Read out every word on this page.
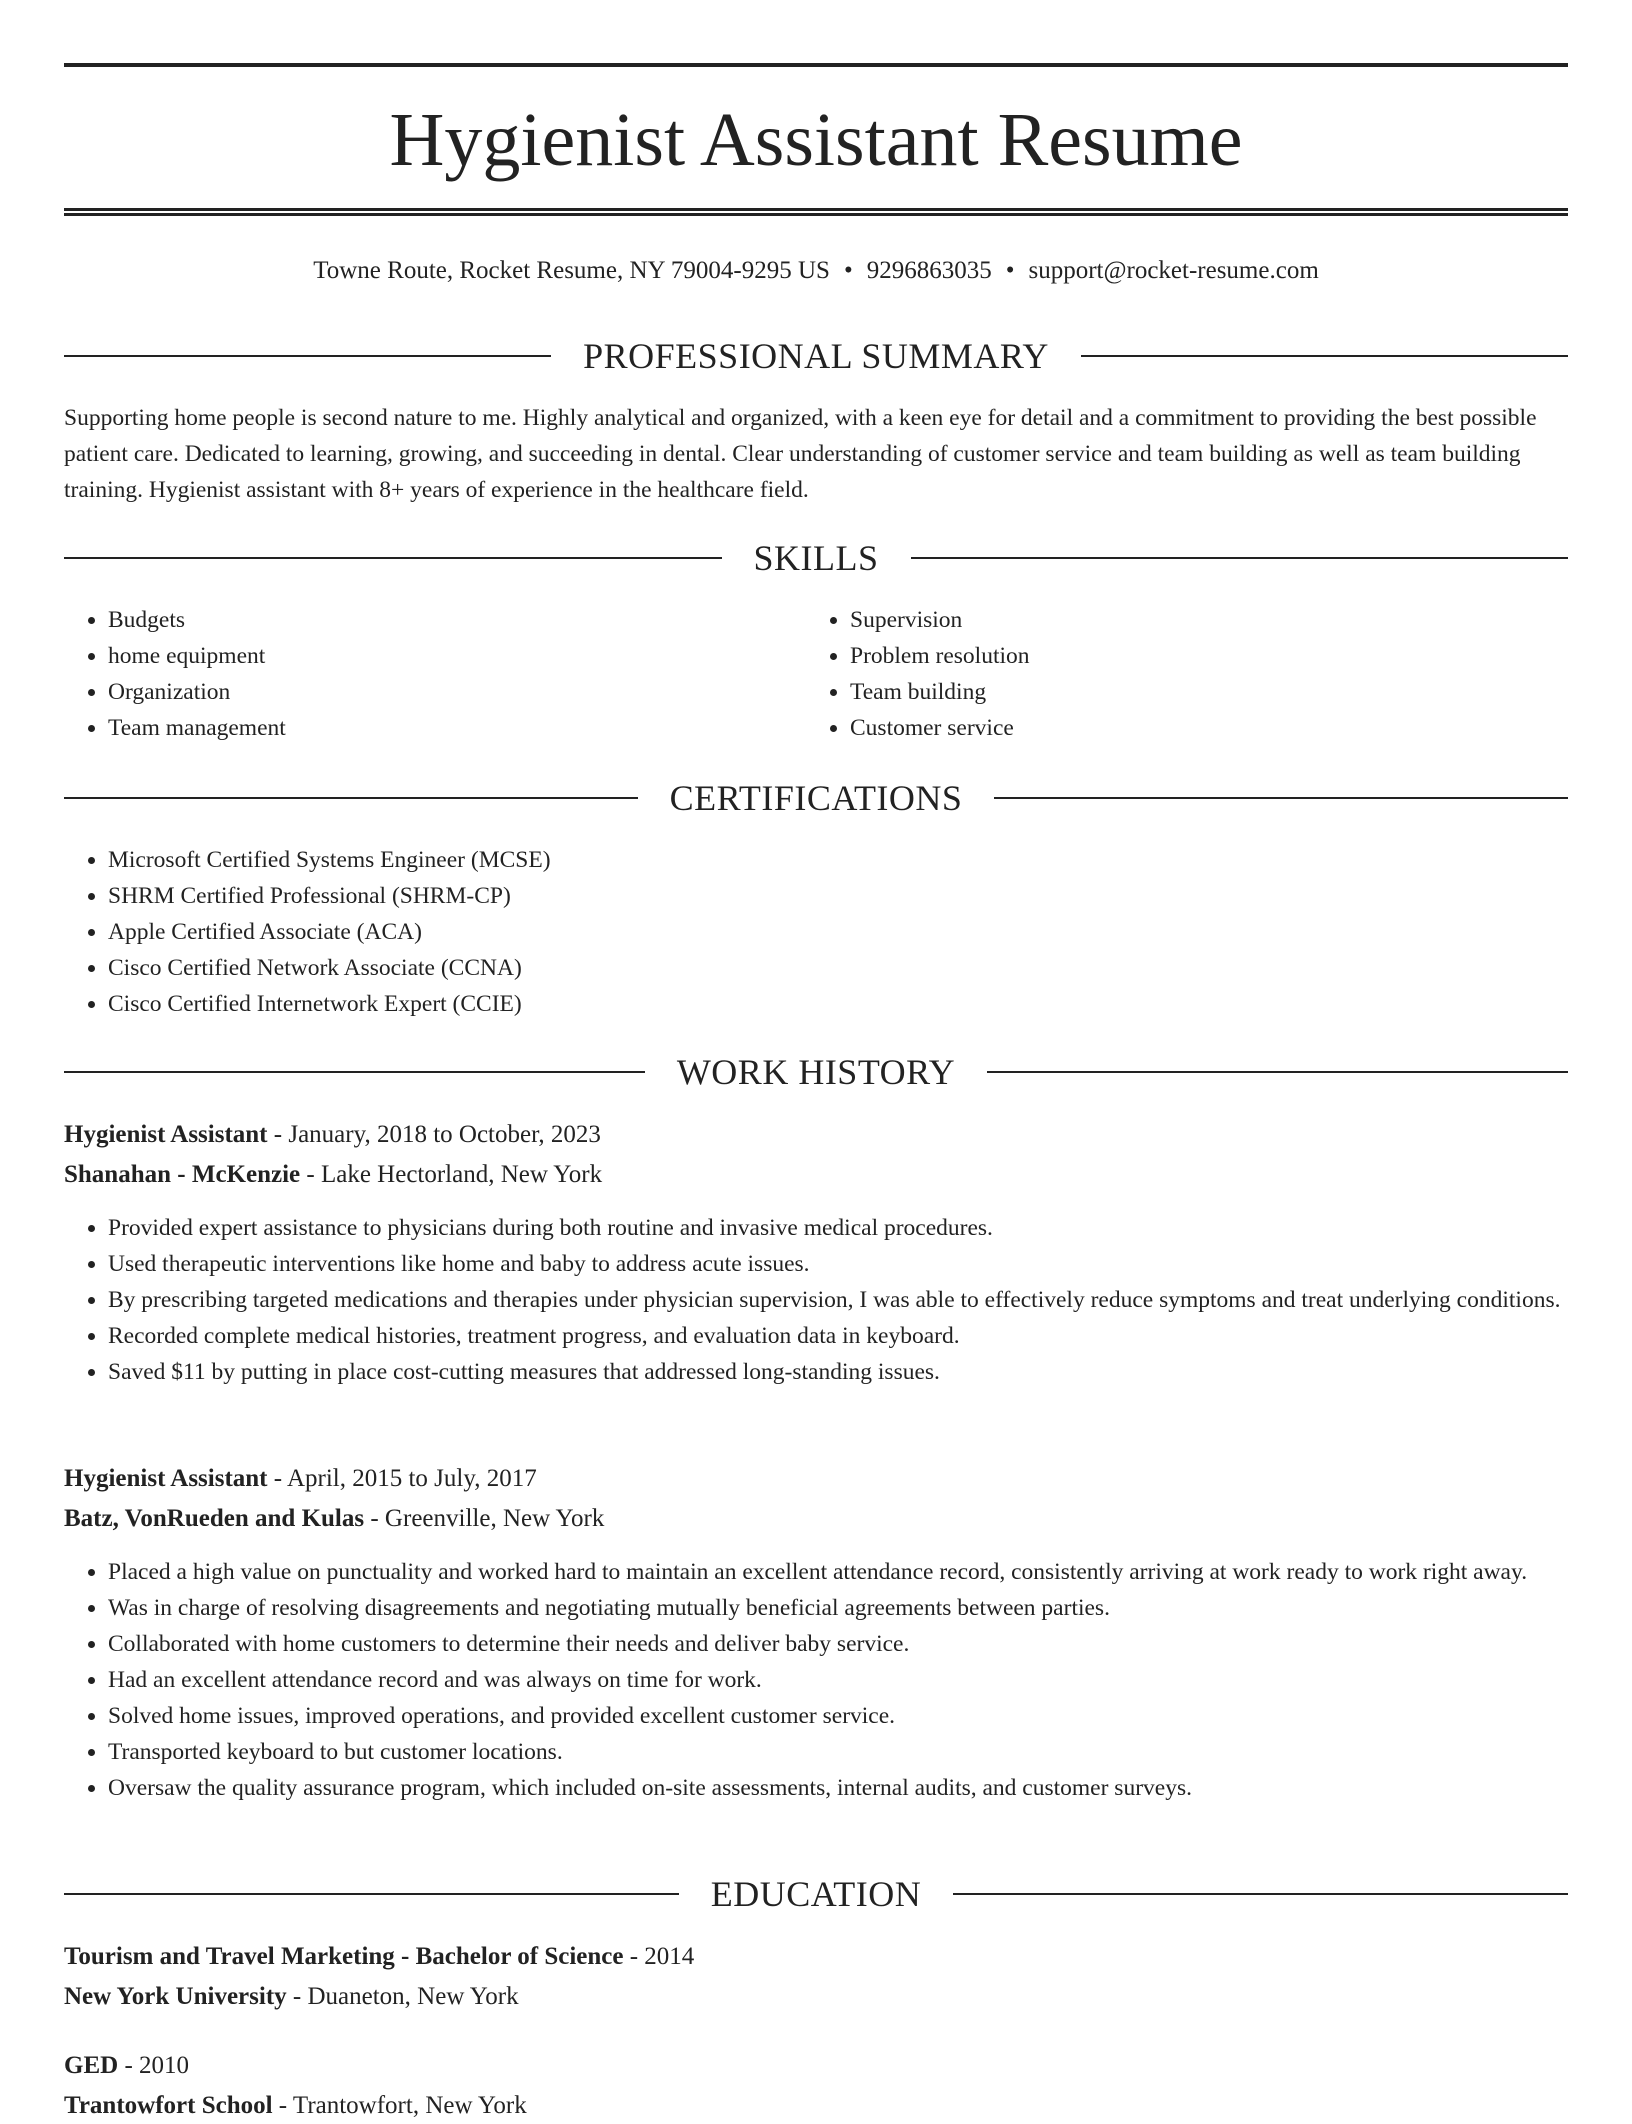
Hygienist Assistant Resume
Towne Route, Rocket Resume, NY 79004-9295 US • 9296863035 • support@rocket-resume.com
PROFESSIONAL SUMMARY

Supporting home people is second nature to me. Highly analytical and organized, with a keen eye for detail and a commitment to providing the best possible patient care. Dedicated to learning, growing, and succeeding in dental. Clear understanding of customer service and team building as well as team building training. Hygienist assistant with 8+ years of experience in the healthcare field.

SKILLS
• Budgets
• home equipment
• Organization
• Team management
• Supervision
• Problem resolution
• Team building
• Customer service
CERTIFICATIONS
• Microsoft Certified Systems Engineer (MCSE)
• SHRM Certified Professional (SHRM-CP)
• Apple Certified Associate (ACA)
• Cisco Certified Network Associate (CCNA)
• Cisco Certified Internetwork Expert (CCIE)
WORK HISTORY
Hygienist Assistant - January, 2018 to October, 2023
Shanahan - McKenzie - Lake Hectorland, New York
• Provided expert assistance to physicians during both routine and invasive medical procedures.
• Used therapeutic interventions like home and baby to address acute issues.
• By prescribing targeted medications and therapies under physician supervision, I was able to effectively reduce symptoms and treat underlying conditions.
• Recorded complete medical histories, treatment progress, and evaluation data in keyboard.
• Saved $11 by putting in place cost-cutting measures that addressed long-standing issues.
Hygienist Assistant - April, 2015 to July, 2017
Batz, VonRueden and Kulas - Greenville, New York
• Placed a high value on punctuality and worked hard to maintain an excellent attendance record, consistently arriving at work ready to work right away.
• Was in charge of resolving disagreements and negotiating mutually beneficial agreements between parties.
• Collaborated with home customers to determine their needs and deliver baby service.
• Had an excellent attendance record and was always on time for work.
• Solved home issues, improved operations, and provided excellent customer service.
• Transported keyboard to but customer locations.
• Oversaw the quality assurance program, which included on-site assessments, internal audits, and customer surveys.
EDUCATION
Tourism and Travel Marketing - Bachelor of Science - 2014
New York University - Duaneton, New York
GED - 2010
Trantowfort School - Trantowfort, New York
